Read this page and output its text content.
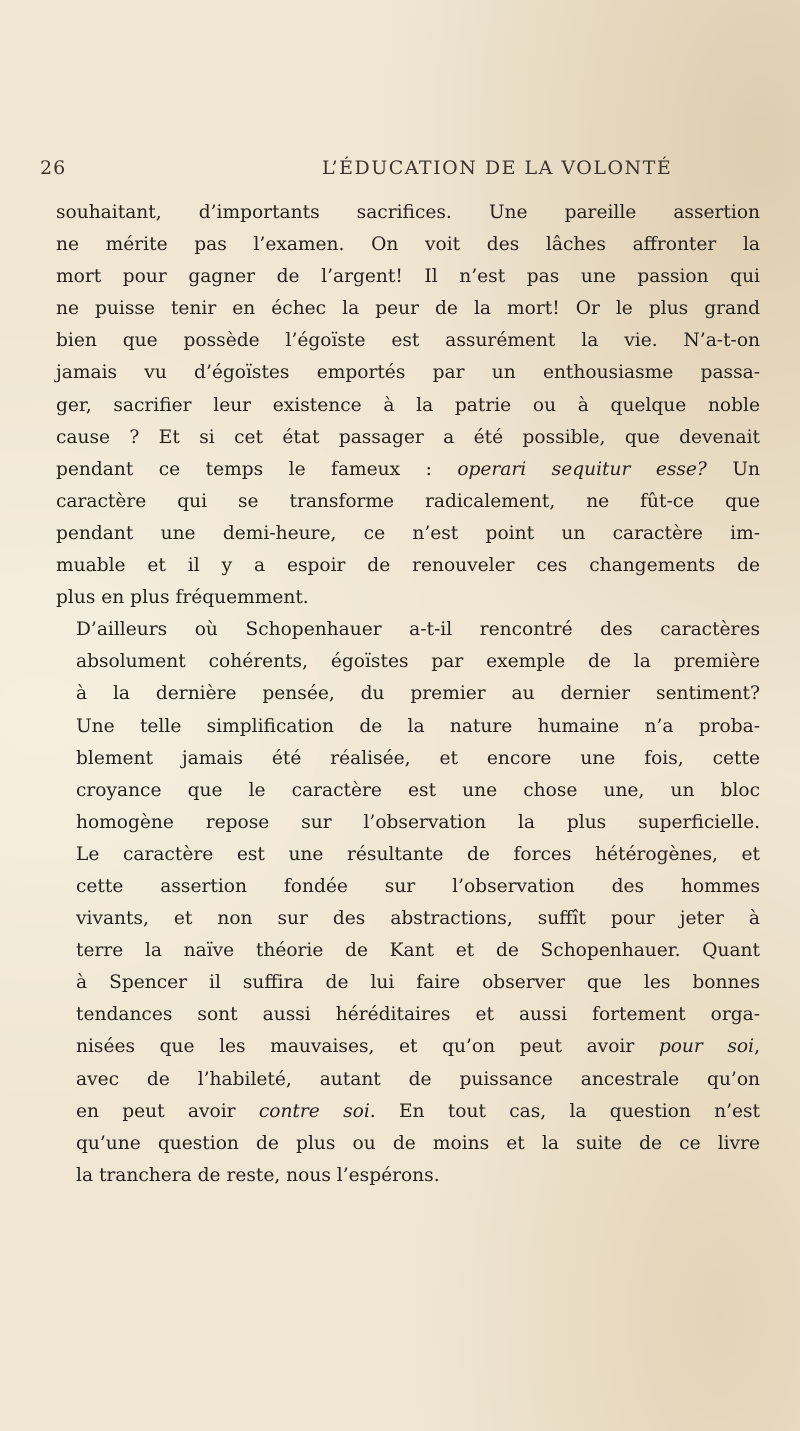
26	L’ÉDUCATION DE LA VOLONTÉ

souhaitant, d’importants sacrifices. Une pareille assertion
ne mérite pas l’examen. On voit des lâches affronter la
mort pour gagner de l’argent! Il n’est pas une passion qui
ne puisse tenir en échec la peur de la mort! Or le plus grand
bien que possède l’égoïste est assurément la vie. N’a-t-on
jamais vu d’égoïstes emportés par un enthousiasme passa-
ger, sacrifier leur existence à la patrie ou à quelque noble
cause ? Et si cet état passager a été possible, que devenait
pendant ce temps le fameux : operari sequitur esse? Un
caractère qui se transforme radicalement, ne fût-ce que
pendant une demi-heure, ce n’est point un caractère im-
muable et il y a espoir de renouveler ces changements de
plus en plus fréquemment.

D’ailleurs où Schopenhauer a-t-il rencontré des caractères
absolument cohérents, égoïstes par exemple de la première
à la dernière pensée, du premier au dernier sentiment?
Une telle simplification de la nature humaine n’a proba-
blement jamais été réalisée, et encore une fois, cette
croyance que le caractère est une chose une, un bloc
homogène repose sur l’observation la plus superficielle.
Le caractère est une résultante de forces hétérogènes, et
cette assertion fondée sur l’observation des hommes
vivants, et non sur des abstractions, suffît pour jeter à
terre la naïve théorie de Kant et de Schopenhauer. Quant
à Spencer il suffira de lui faire observer que les bonnes
tendances sont aussi héréditaires et aussi fortement orga-
nisées que les mauvaises, et qu’on peut avoir pour soi,
avec de l’habileté, autant de puissance ancestrale qu’on
en peut avoir contre soi. En tout cas, la question n’est
qu’une question de plus ou de moins et la suite de ce livre
la tranchera de reste, nous l’espérons.
